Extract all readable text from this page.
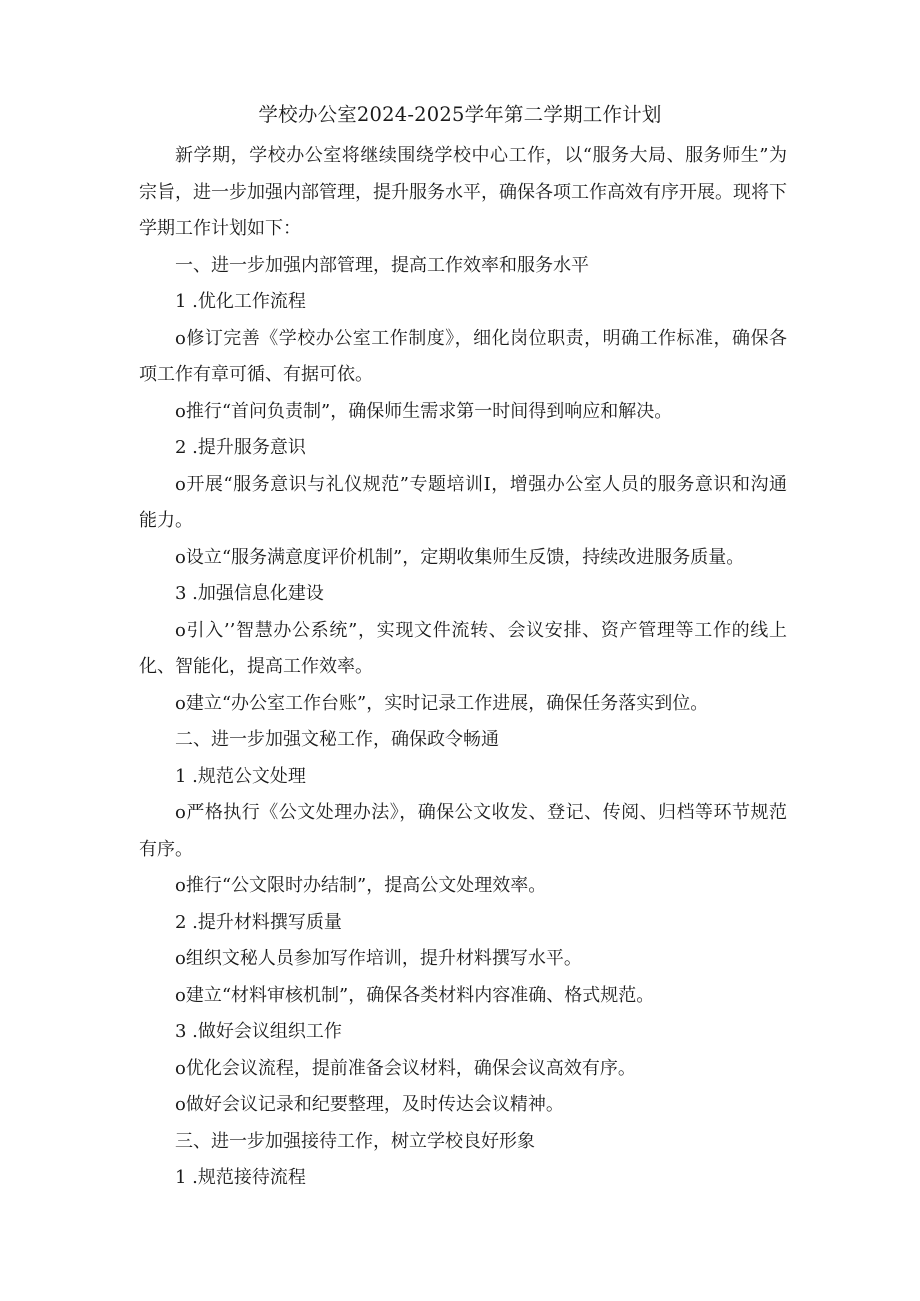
学校办公室2024-2025学年第二学期工作计划

新学期，学校办公室将继续围绕学校中心工作，以“服务大局、服务师生”为宗旨，进一步加强内部管理，提升服务水平，确保各项工作高效有序开展。现将下学期工作计划如下：

一、进一步加强内部管理，提高工作效率和服务水平

1 .优化工作流程

o修订完善《学校办公室工作制度》，细化岗位职责，明确工作标准，确保各项工作有章可循、有据可依。

o推行“首问负责制”，确保师生需求第一时间得到响应和解决。

2 .提升服务意识

o开展“服务意识与礼仪规范”专题培训I，增强办公室人员的服务意识和沟通能力。

o设立“服务满意度评价机制”，定期收集师生反馈，持续改进服务质量。

3 .加强信息化建设

o引入’’智慧办公系统”，实现文件流转、会议安排、资产管理等工作的线上化、智能化，提高工作效率。

o建立“办公室工作台账”，实时记录工作进展，确保任务落实到位。

二、进一步加强文秘工作，确保政令畅通

1 .规范公文处理

o严格执行《公文处理办法》，确保公文收发、登记、传阅、归档等环节规范有序。

o推行“公文限时办结制”，提高公文处理效率。

2 .提升材料撰写质量

o组织文秘人员参加写作培训，提升材料撰写水平。

o建立“材料审核机制”，确保各类材料内容准确、格式规范。

3 .做好会议组织工作

o优化会议流程，提前准备会议材料，确保会议高效有序。

o做好会议记录和纪要整理，及时传达会议精神。

三、进一步加强接待工作，树立学校良好形象

1 .规范接待流程
